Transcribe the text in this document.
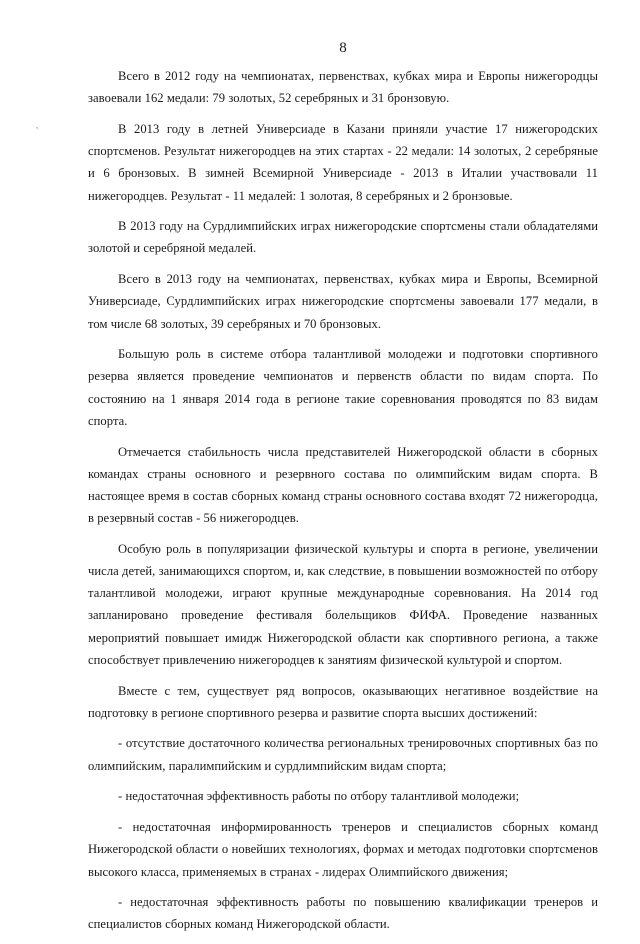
,
8

Всего в 2012 году на чемпионатах, первенствах, кубках мира и Европы нижегородцы завоевали 162 медали: 79 золотых, 52 серебряных и 31 бронзовую.

В 2013 году в летней Универсиаде в Казани приняли участие 17 нижегородских спортсменов. Результат нижегородцев на этих стартах - 22 медали: 14 золотых, 2 серебряные и 6 бронзовых. В зимней Всемирной Универсиаде - 2013 в Италии участвовали 11 нижегородцев. Результат - 11 медалей: 1 золотая, 8 серебряных и 2 бронзовые.

В 2013 году на Сурдлимпийских играх нижегородские спортсмены стали обладателями золотой и серебряной медалей.

Всего в 2013 году на чемпионатах, первенствах, кубках мира и Европы, Всемирной Универсиаде, Сурдлимпийских играх нижегородские спортсмены завоевали 177 медали, в том числе 68 золотых, 39 серебряных и 70 бронзовых.

Большую роль в системе отбора талантливой молодежи и подготовки спортивного резерва является проведение чемпионатов и первенств области по видам спорта. По состоянию на 1 января 2014 года в регионе такие соревнования проводятся по 83 видам спорта.

Отмечается стабильность числа представителей Нижегородской области в сборных командах страны основного и резервного состава по олимпийским видам спорта. В настоящее время в состав сборных команд страны основного состава входят 72 нижегородца, в резервный состав - 56 нижегородцев.

Особую роль в популяризации физической культуры и спорта в регионе, увеличении числа детей, занимающихся спортом, и, как следствие, в повышении возможностей по отбору талантливой молодежи, играют крупные международные соревнования. На 2014 год запланировано проведение фестиваля болельщиков ФИФА. Проведение названных мероприятий повышает имидж Нижегородской области как спортивного региона, а также способствует привлечению нижегородцев к занятиям физической культурой и спортом.

Вместе с тем, существует ряд вопросов, оказывающих негативное воздействие на подготовку в регионе спортивного резерва и развитие спорта высших достижений:

- отсутствие достаточного количества региональных тренировочных спортивных баз по олимпийским, паралимпийским и сурдлимпийским видам спорта;

- недостаточная эффективность работы по отбору талантливой молодежи;

- недостаточная информированность тренеров и специалистов сборных команд Нижегородской области о новейших технологиях, формах и методах подготовки спортсменов высокого класса, применяемых в странах - лидерах Олимпийского движения;

- недостаточная эффективность работы по повышению квалификации тренеров и специалистов сборных команд Нижегородской области.
